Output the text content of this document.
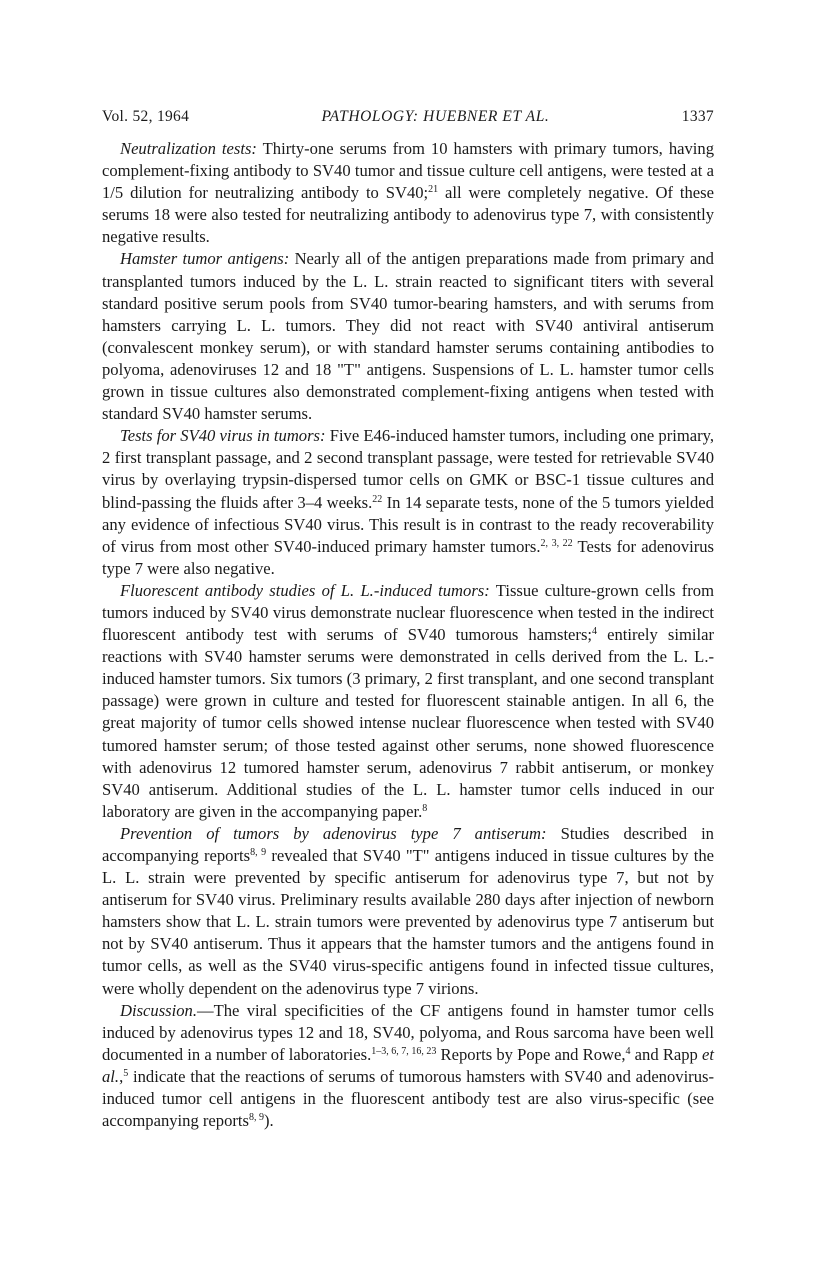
Vol. 52, 1964	PATHOLOGY: HUEBNER ET AL.	1337

Neutralization tests: Thirty-one serums from 10 hamsters with primary tumors, having complement-fixing antibody to SV40 tumor and tissue culture cell antigens, were tested at a 1/5 dilution for neutralizing antibody to SV40;$^{21}$ all were completely negative. Of these serums 18 were also tested for neutralizing antibody to adenovirus type 7, with consistently negative results.

Hamster tumor antigens: Nearly all of the antigen preparations made from primary and transplanted tumors induced by the L. L. strain reacted to significant titers with several standard positive serum pools from SV40 tumor-bearing hamsters, and with serums from hamsters carrying L. L. tumors. They did not react with SV40 antiviral antiserum (convalescent monkey serum), or with standard hamster serums containing antibodies to polyoma, adenoviruses 12 and 18 "T" antigens. Suspensions of L. L. hamster tumor cells grown in tissue cultures also demonstrated complement-fixing antigens when tested with standard SV40 hamster serums.

Tests for SV40 virus in tumors: Five E46-induced hamster tumors, including one primary, 2 first transplant passage, and 2 second transplant passage, were tested for retrievable SV40 virus by overlaying trypsin-dispersed tumor cells on GMK or BSC-1 tissue cultures and blind-passing the fluids after 3–4 weeks.$^{22}$ In 14 separate tests, none of the 5 tumors yielded any evidence of infectious SV40 virus. This result is in contrast to the ready recoverability of virus from most other SV40-induced primary hamster tumors.$^{2, 3, 22}$ Tests for adenovirus type 7 were also negative.

Fluorescent antibody studies of L. L.-induced tumors: Tissue culture-grown cells from tumors induced by SV40 virus demonstrate nuclear fluorescence when tested in the indirect fluorescent antibody test with serums of SV40 tumorous hamsters;$^4$ entirely similar reactions with SV40 hamster serums were demonstrated in cells derived from the L. L.-induced hamster tumors. Six tumors (3 primary, 2 first transplant, and one second transplant passage) were grown in culture and tested for fluorescent stainable antigen. In all 6, the great majority of tumor cells showed intense nuclear fluorescence when tested with SV40 tumored hamster serum; of those tested against other serums, none showed fluorescence with adenovirus 12 tumored hamster serum, adenovirus 7 rabbit antiserum, or monkey SV40 antiserum. Additional studies of the L. L. hamster tumor cells induced in our laboratory are given in the accompanying paper.$^8$

Prevention of tumors by adenovirus type 7 antiserum: Studies described in accompanying reports$^{8, 9}$ revealed that SV40 "T" antigens induced in tissue cultures by the L. L. strain were prevented by specific antiserum for adenovirus type 7, but not by antiserum for SV40 virus. Preliminary results available 280 days after injection of newborn hamsters show that L. L. strain tumors were prevented by adenovirus type 7 antiserum but not by SV40 antiserum. Thus it appears that the hamster tumors and the antigens found in tumor cells, as well as the SV40 virus-specific antigens found in infected tissue cultures, were wholly dependent on the adenovirus type 7 virions.

Discussion.—The viral specificities of the CF antigens found in hamster tumor cells induced by adenovirus types 12 and 18, SV40, polyoma, and Rous sarcoma have been well documented in a number of laboratories.$^{1-3, 6, 7, 16, 23}$ Reports by Pope and Rowe,$^4$ and Rapp et al.,$^5$ indicate that the reactions of serums of tumorous hamsters with SV40 and adenovirus-induced tumor cell antigens in the fluorescent antibody test are also virus-specific (see accompanying reports$^{8, 9}$).
